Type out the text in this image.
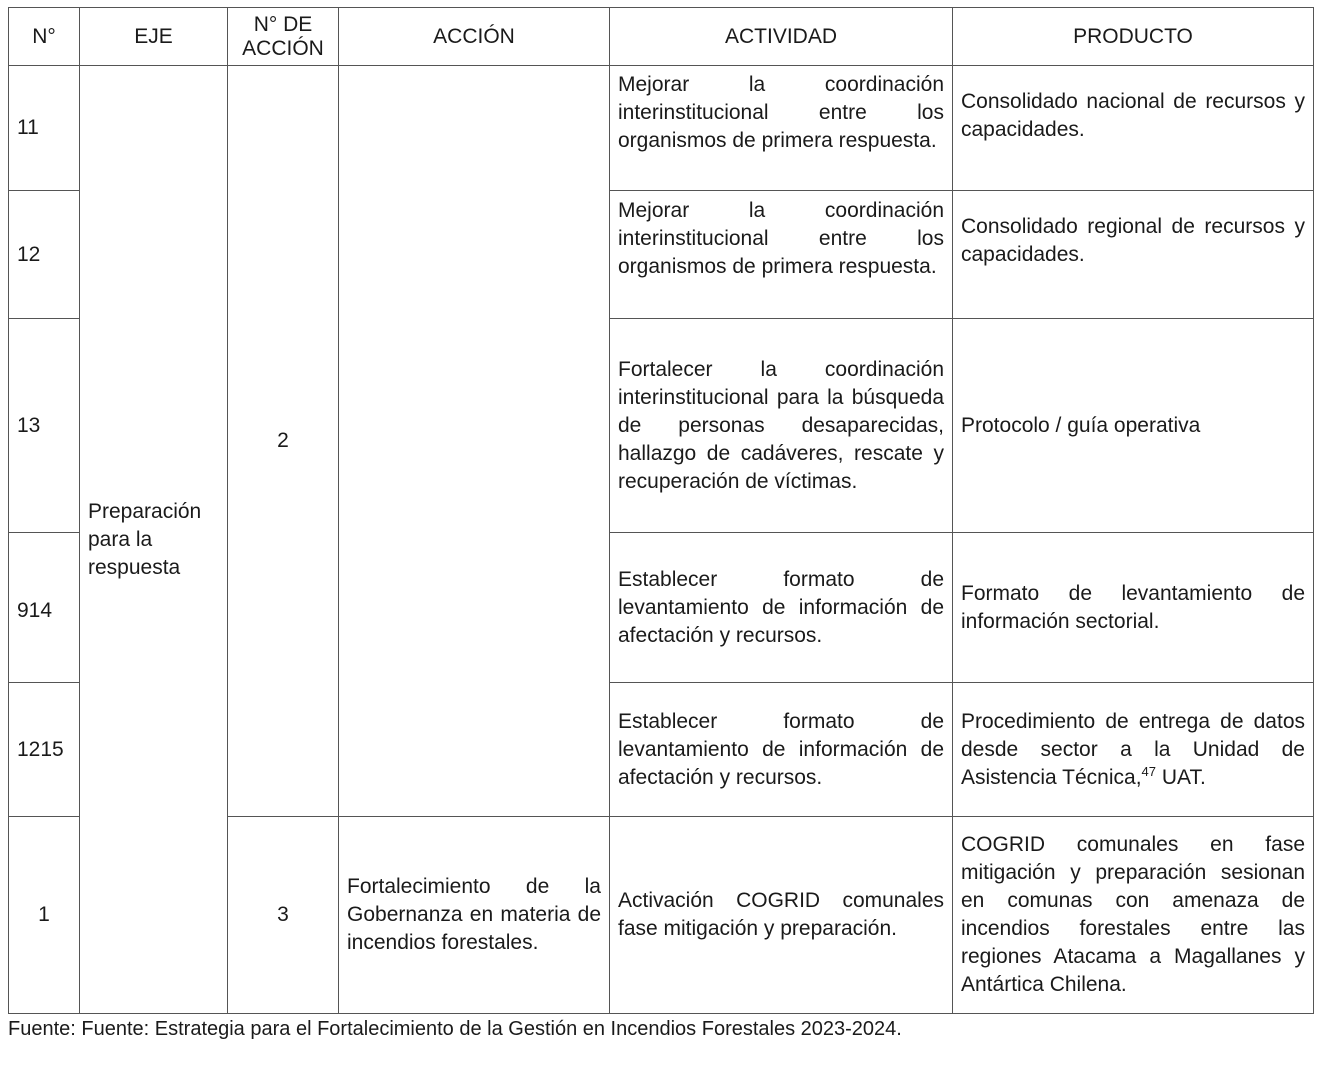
N°	EJE	N° DE ACCIÓN	ACCIÓN	ACTIVIDAD	PRODUCTO
11	Preparación para la respuesta	2		Mejorar la coordinación interinstitucional entre los organismos de primera respuesta.	Consolidado nacional de recursos y capacidades.
12				Mejorar la coordinación interinstitucional entre los organismos de primera respuesta.	Consolidado regional de recursos y capacidades.
13				Fortalecer la coordinación interinstitucional para la búsqueda de personas desaparecidas, hallazgo de cadáveres, rescate y recuperación de víctimas.	Protocolo / guía operativa
914				Establecer formato de levantamiento de información de afectación y recursos.	Formato de levantamiento de información sectorial.
1215				Establecer formato de levantamiento de información de afectación y recursos.	Procedimiento de entrega de datos desde sector a la Unidad de Asistencia Técnica,$^{47}$ UAT.
1		3	Fortalecimiento de la Gobernanza en materia de incendios forestales.	Activación COGRID comunales fase mitigación y preparación.	COGRID comunales en fase mitigación y preparación sesionan en comunas con amenaza de incendios forestales entre las regiones Atacama a Magallanes y Antártica Chilena.
Fuente: Fuente: Estrategia para el Fortalecimiento de la Gestión en Incendios Forestales 2023-2024.
